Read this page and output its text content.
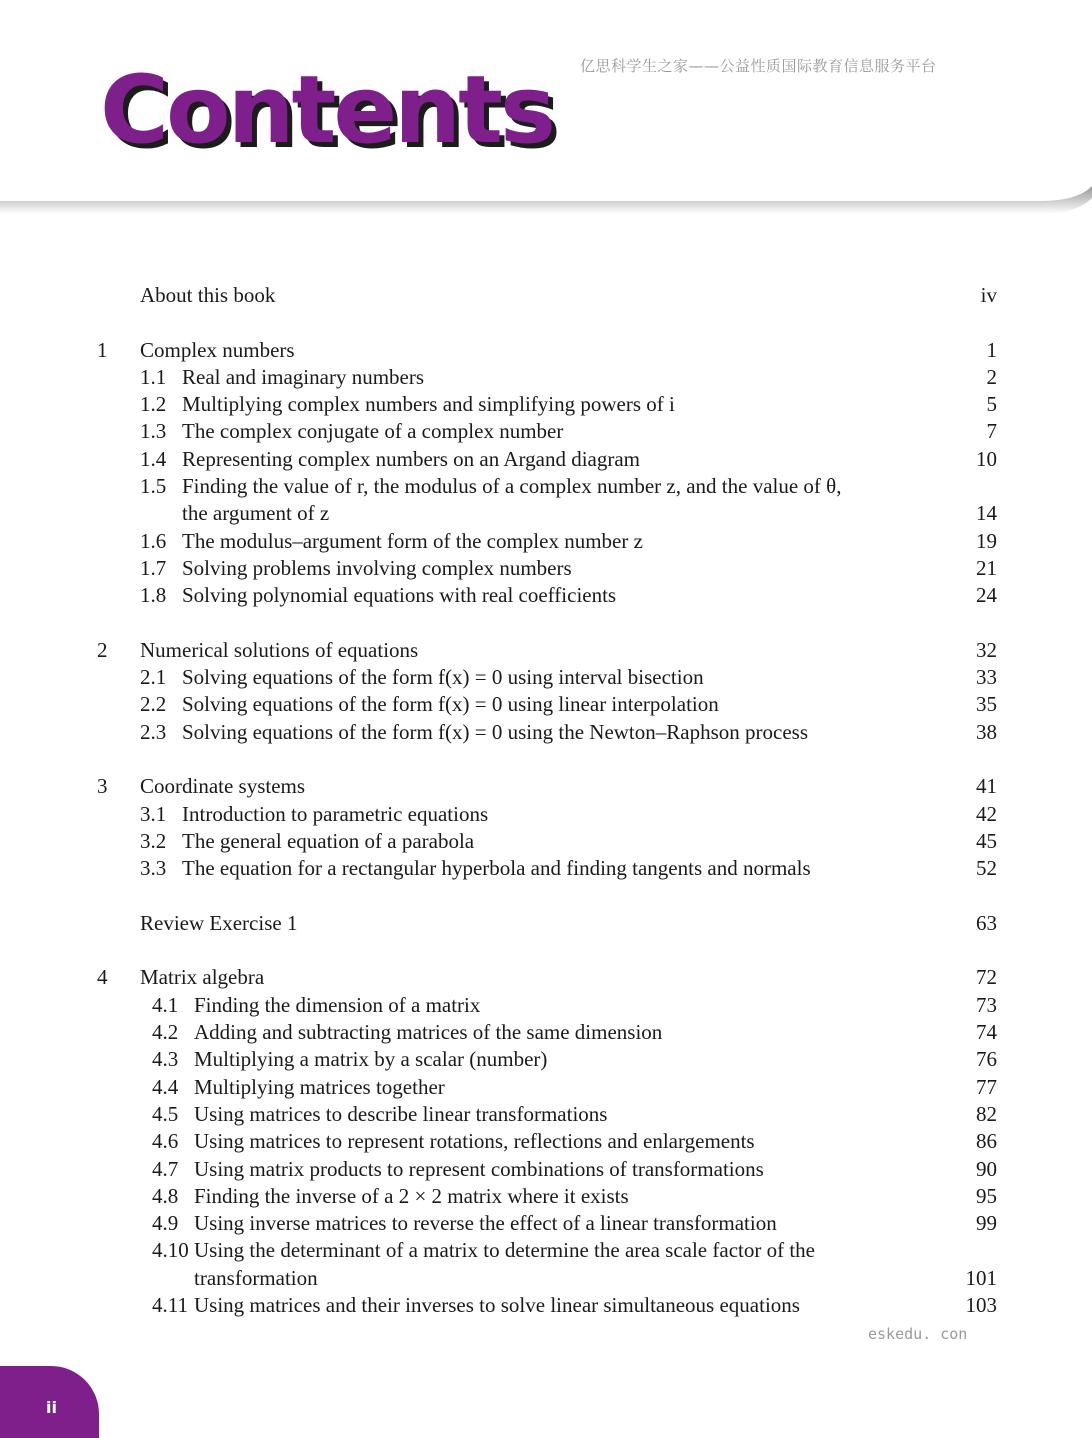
亿思科学生之家——公益性质国际教育信息服务平台
Contents
About this book	iv
1 Complex numbers	1
1.1 Real and imaginary numbers	2
1.2 Multiplying complex numbers and simplifying powers of i	5
1.3 The complex conjugate of a complex number	7
1.4 Representing complex numbers on an Argand diagram	10
1.5 Finding the value of r, the modulus of a complex number z, and the value of θ,
the argument of z	14
1.6 The modulus–argument form of the complex number z	19
1.7 Solving problems involving complex numbers	21
1.8 Solving polynomial equations with real coefficients	24
2 Numerical solutions of equations	32
2.1 Solving equations of the form f(x) = 0 using interval bisection	33
2.2 Solving equations of the form f(x) = 0 using linear interpolation	35
2.3 Solving equations of the form f(x) = 0 using the Newton–Raphson process	38
3 Coordinate systems	41
3.1 Introduction to parametric equations	42
3.2 The general equation of a parabola	45
3.3 The equation for a rectangular hyperbola and finding tangents and normals	52
Review Exercise 1	63
4 Matrix algebra	72
4.1 Finding the dimension of a matrix	73
4.2 Adding and subtracting matrices of the same dimension	74
4.3 Multiplying a matrix by a scalar (number)	76
4.4 Multiplying matrices together	77
4.5 Using matrices to describe linear transformations	82
4.6 Using matrices to represent rotations, reflections and enlargements	86
4.7 Using matrix products to represent combinations of transformations	90
4.8 Finding the inverse of a 2 × 2 matrix where it exists	95
4.9 Using inverse matrices to reverse the effect of a linear transformation	99
4.10 Using the determinant of a matrix to determine the area scale factor of the
transformation	101
4.11 Using matrices and their inverses to solve linear simultaneous equations	103
eskedu. con
ii
